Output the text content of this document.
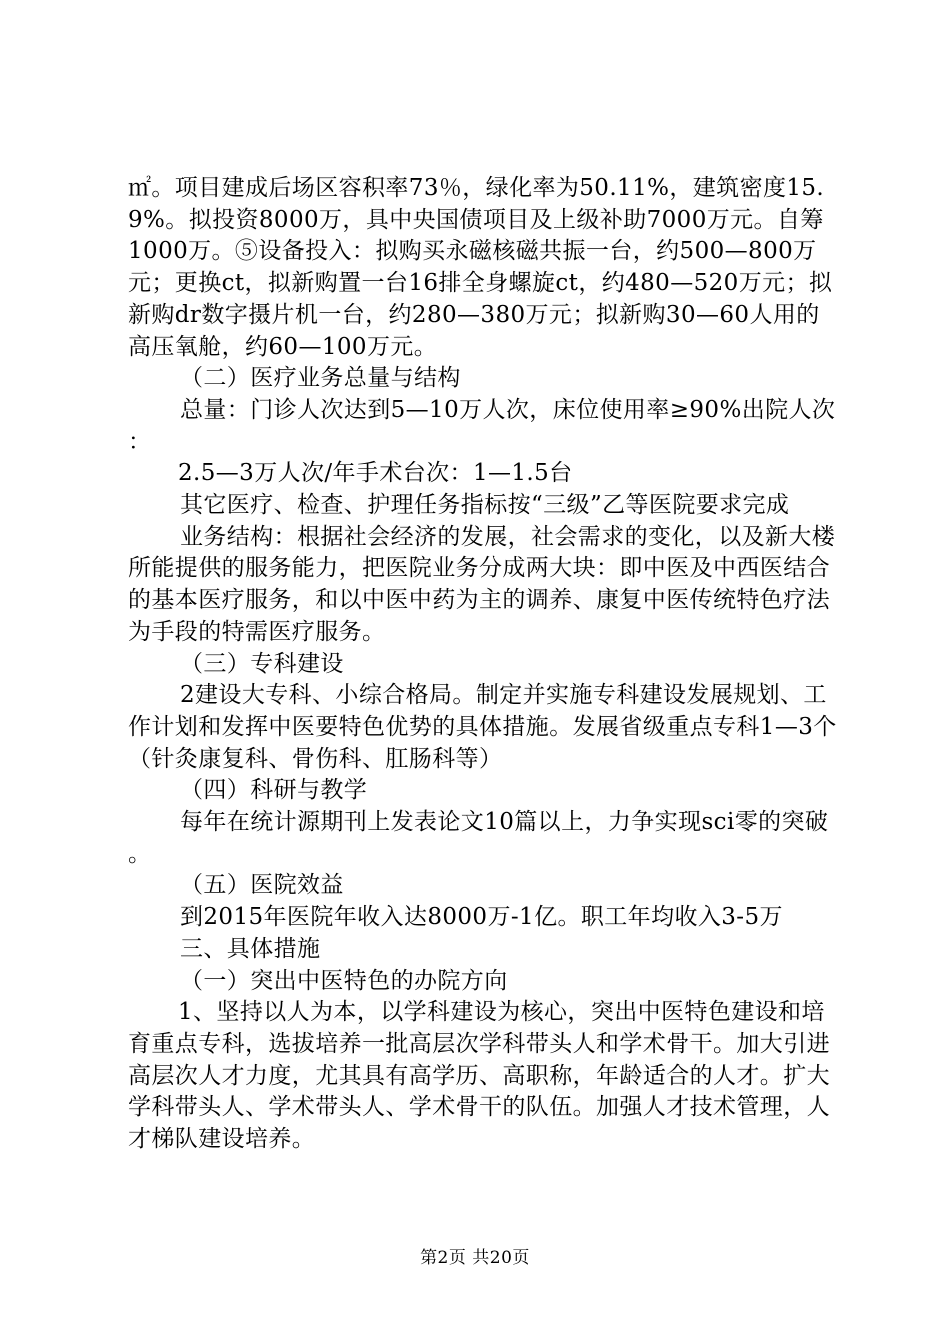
㎡。项目建成后场区容积率73％，绿化率为50.11%，建筑密度15.9%。拟投资8000万，具中央国债项目及上级补助7000万元。自筹1000万。⑤设备投入：拟购买永磁核磁共振一台，约500—800万元；更换ct，拟新购置一台16排全身螺旋ct，约480—520万元；拟新购dr数字摄片机一台，约280—380万元；拟新购30—60人用的高压氧舱，约60—100万元。

（二）医疗业务总量与结构

总量：门诊人次达到5—10万人次，床位使用率≥90%出院人次：

2.5—3万人次/年手术台次：1—1.5台

其它医疗、检查、护理任务指标按“三级”乙等医院要求完成

业务结构：根据社会经济的发展，社会需求的变化，以及新大楼所能提供的服务能力，把医院业务分成两大块：即中医及中西医结合的基本医疗服务，和以中医中药为主的调养、康复中医传统特色疗法为手段的特需医疗服务。

（三）专科建设

2建设大专科、小综合格局。制定并实施专科建设发展规划、工作计划和发挥中医要特色优势的具体措施。发展省级重点专科1—3个（针灸康复科、骨伤科、肛肠科等）

（四）科研与教学

每年在统计源期刊上发表论文10篇以上，力争实现sci零的突破。

（五）医院效益

到2015年医院年收入达8000万-1亿。职工年均收入3-5万

三、具体措施

（一）突出中医特色的办院方向

1、坚持以人为本，以学科建设为核心，突出中医特色建设和培育重点专科，选拔培养一批高层次学科带头人和学术骨干。加大引进高层次人才力度，尤其具有高学历、高职称，年龄适合的人才。扩大学科带头人、学术带头人、学术骨干的队伍。加强人才技术管理，人才梯队建设培养。

第2页 共20页
